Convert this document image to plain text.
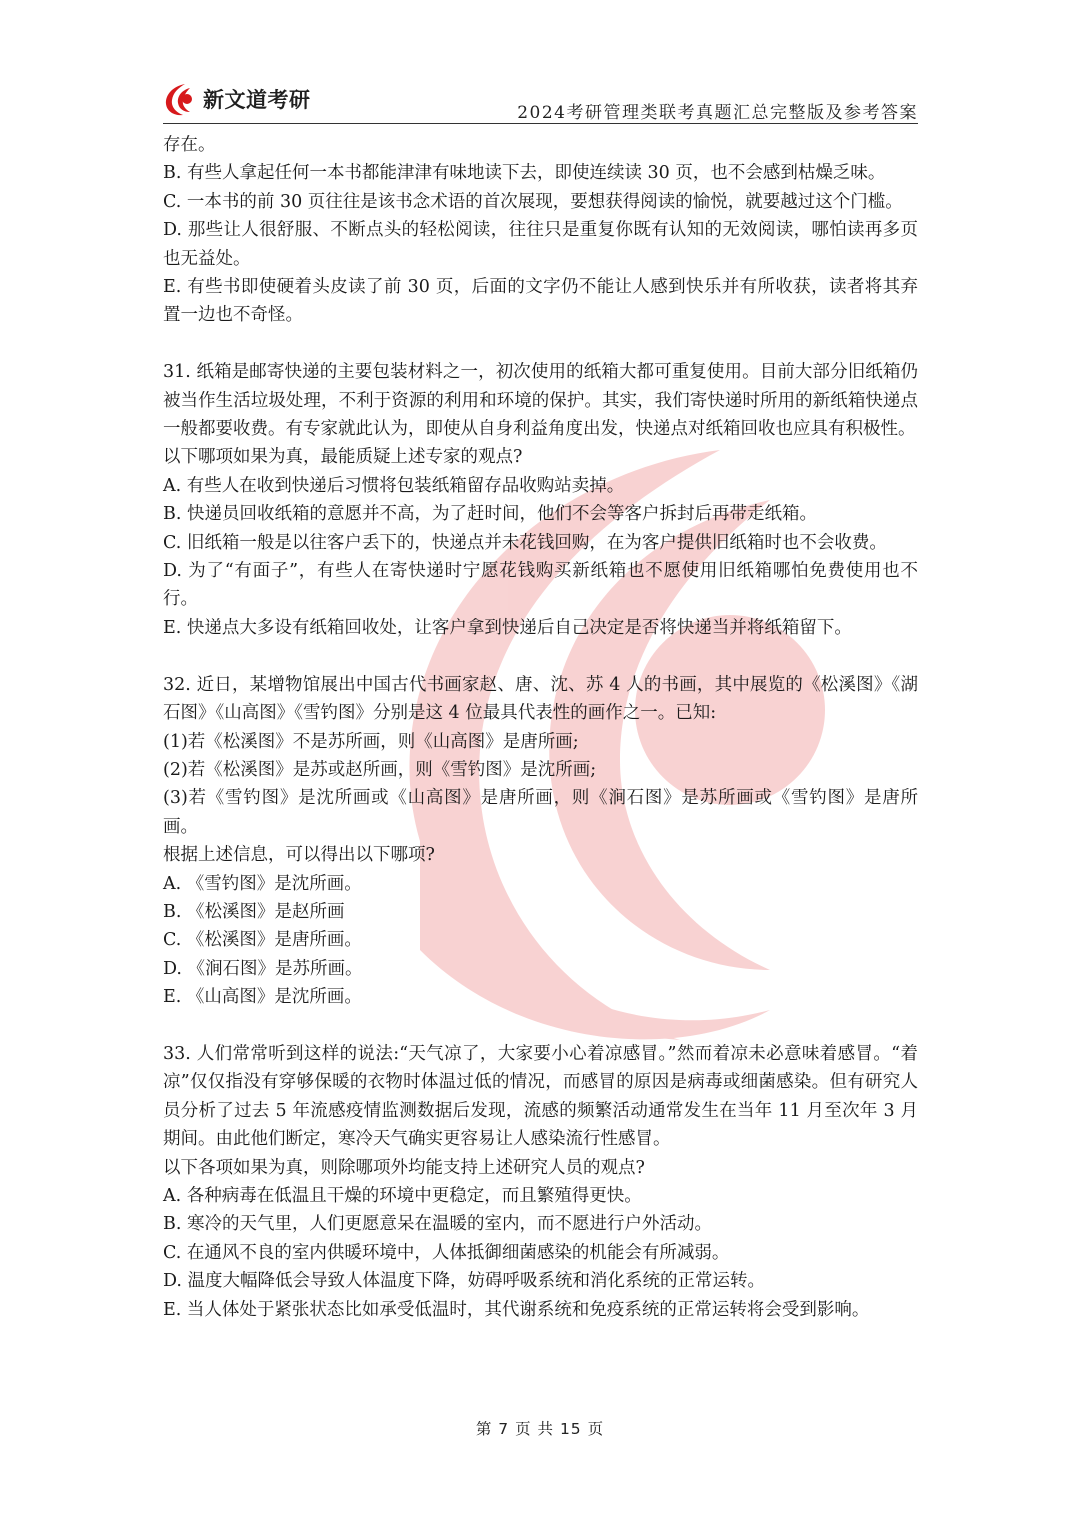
新文道考研
2024考研管理类联考真题汇总完整版及参考答案

存在。

B. 有些人拿起任何一本书都能津津有味地读下去，即使连续读 30 页，也不会感到枯燥乏味。

C. 一本书的前 30 页往往是该书念术语的首次展现，要想获得阅读的愉悦，就要越过这个门槛。

D. 那些让人很舒服、不断点头的轻松阅读，往往只是重复你既有认知的无效阅读，哪怕读再多页也无益处。

E. 有些书即使硬着头皮读了前 30 页，后面的文字仍不能让人感到快乐并有所收获，读者将其弃置一边也不奇怪。

31. 纸箱是邮寄快递的主要包装材料之一，初次使用的纸箱大都可重复使用。目前大部分旧纸箱仍被当作生活垃圾处理，不利于资源的利用和环境的保护。其实，我们寄快递时所用的新纸箱快递点一般都要收费。有专家就此认为，即使从自身利益角度出发，快递点对纸箱回收也应具有积极性。

以下哪项如果为真，最能质疑上述专家的观点?

A. 有些人在收到快递后习惯将包装纸箱留存品收购站卖掉。

B. 快递员回收纸箱的意愿并不高，为了赶时间，他们不会等客户拆封后再带走纸箱。

C. 旧纸箱一般是以往客户丢下的，快递点并未花钱回购，在为客户提供旧纸箱时也不会收费。

D. 为了“有面子”，有些人在寄快递时宁愿花钱购买新纸箱也不愿使用旧纸箱哪怕免费使用也不行。

E. 快递点大多设有纸箱回收处，让客户拿到快递后自己决定是否将快递当并将纸箱留下。

32. 近日，某增物馆展出中国古代书画家赵、唐、沈、苏 4 人的书画，其中展览的《松溪图》《湖石图》《山高图》《雪钓图》分别是这 4 位最具代表性的画作之一。已知:

(1)若《松溪图》不是苏所画，则《山高图》是唐所画;

(2)若《松溪图》是苏或赵所画，则《雪钓图》是沈所画;

(3)若《雪钓图》是沈所画或《山高图》是唐所画，则《涧石图》是苏所画或《雪钓图》是唐所画。

根据上述信息，可以得出以下哪项?

A. 《雪钓图》是沈所画。

B. 《松溪图》是赵所画

C. 《松溪图》是唐所画。

D. 《涧石图》是苏所画。

E. 《山高图》是沈所画。

33. 人们常常听到这样的说法:“天气凉了，大家要小心着凉感冒。”然而着凉未必意味着感冒。“着凉”仅仅指没有穿够保暖的衣物时体温过低的情况，而感冒的原因是病毒或细菌感染。但有研究人员分析了过去 5 年流感疫情监测数据后发现，流感的频繁活动通常发生在当年 11 月至次年 3 月期间。由此他们断定，寒冷天气确实更容易让人感染流行性感冒。

以下各项如果为真，则除哪项外均能支持上述研究人员的观点?

A. 各种病毒在低温且干燥的环境中更稳定，而且繁殖得更快。

B. 寒冷的天气里，人们更愿意呆在温暖的室内，而不愿进行户外活动。

C. 在通风不良的室内供暖环境中，人体抵御细菌感染的机能会有所减弱。

D. 温度大幅降低会导致人体温度下降，妨碍呼吸系统和消化系统的正常运转。

E. 当人体处于紧张状态比如承受低温时，其代谢系统和免疫系统的正常运转将会受到影响。

第 7 页 共 15 页
